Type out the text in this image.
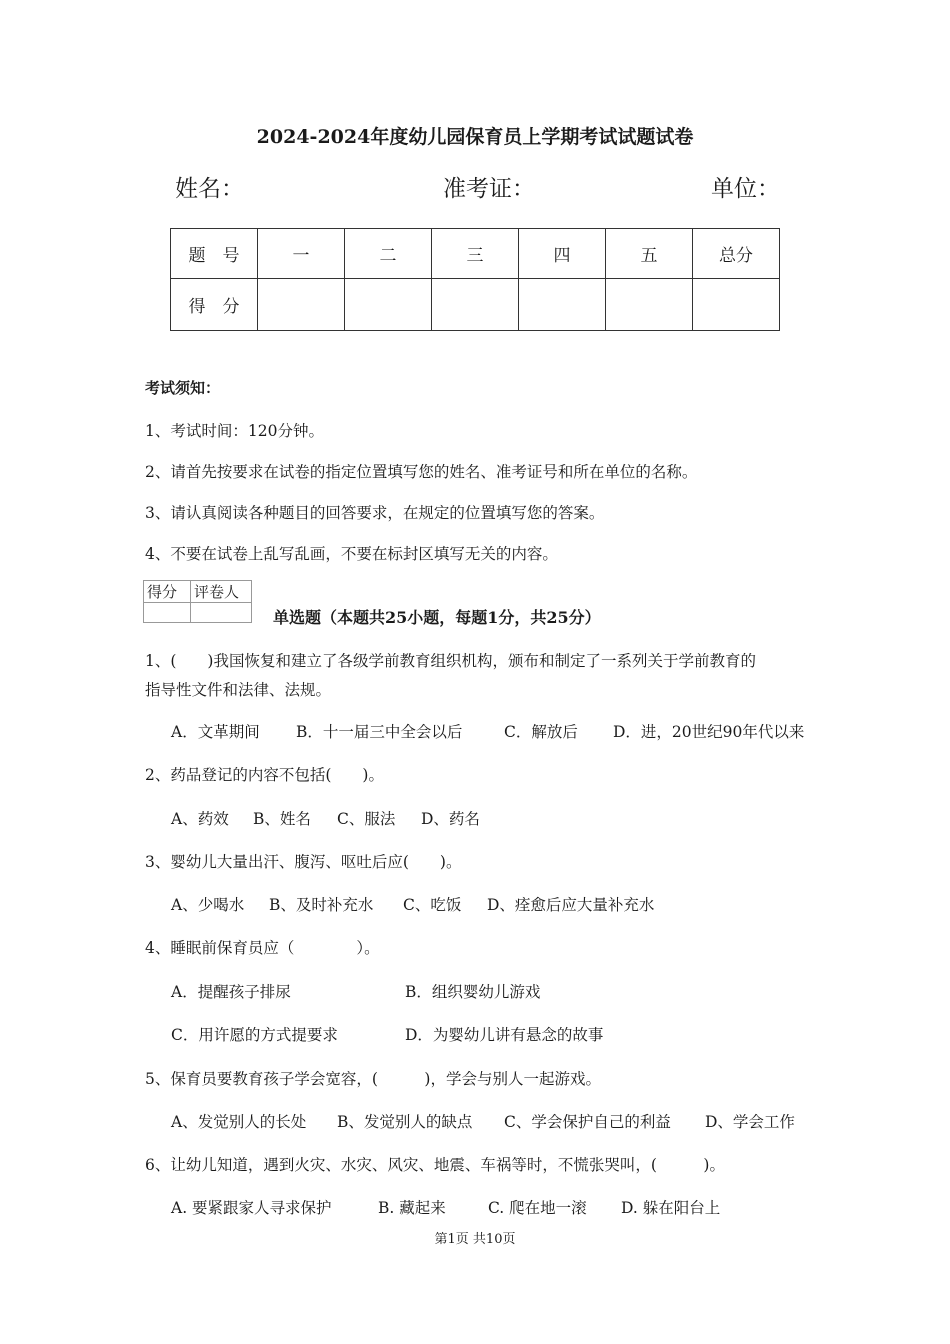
2024-2024年度幼儿园保育员上学期考试试题试卷
姓名：	准考证：	单位：
题　号	一	二	三	四	五	总分
得　分						
考试须知：
1、考试时间：120分钟。
2、请首先按要求在试卷的指定位置填写您的姓名、准考证号和所在单位的名称。
3、请认真阅读各种题目的回答要求，在规定的位置填写您的答案。
4、不要在试卷上乱写乱画，不要在标封区填写无关的内容。
得分	评卷人

单选题（本题共25小题，每题1分，共25分）
1、(　　)我国恢复和建立了各级学前教育组织机构，颁布和制定了一系列关于学前教育的
指导性文件和法律、法规。
A．文革期间 B．十一届三中全会以后	C．解放后 D．进，20世纪90年代以来
2、药品登记的内容不包括(　　)。
A、药效 B、姓名 C、服法 D、药名
3、婴幼儿大量出汗、腹泻、呕吐后应(　　)。
A、少喝水 B、及时补充水 C、吃饭 D、痊愈后应大量补充水
4、睡眠前保育员应（　　　　）。
A．提醒孩子排尿	B．组织婴幼儿游戏
C．用许愿的方式提要求	D．为婴幼儿讲有悬念的故事
5、保育员要教育孩子学会宽容，(　　　)，学会与别人一起游戏。
A、发觉别人的长处 B、发觉别人的缺点 C、学会保护自己的利益 D、学会工作
6、让幼儿知道，遇到火灾、水灾、风灾、地震、车祸等时，不慌张哭叫，(　　　)。
A. 要紧跟家人寻求保护	B. 藏起来	C. 爬在地一滚 D. 躲在阳台上
第1页 共10页
